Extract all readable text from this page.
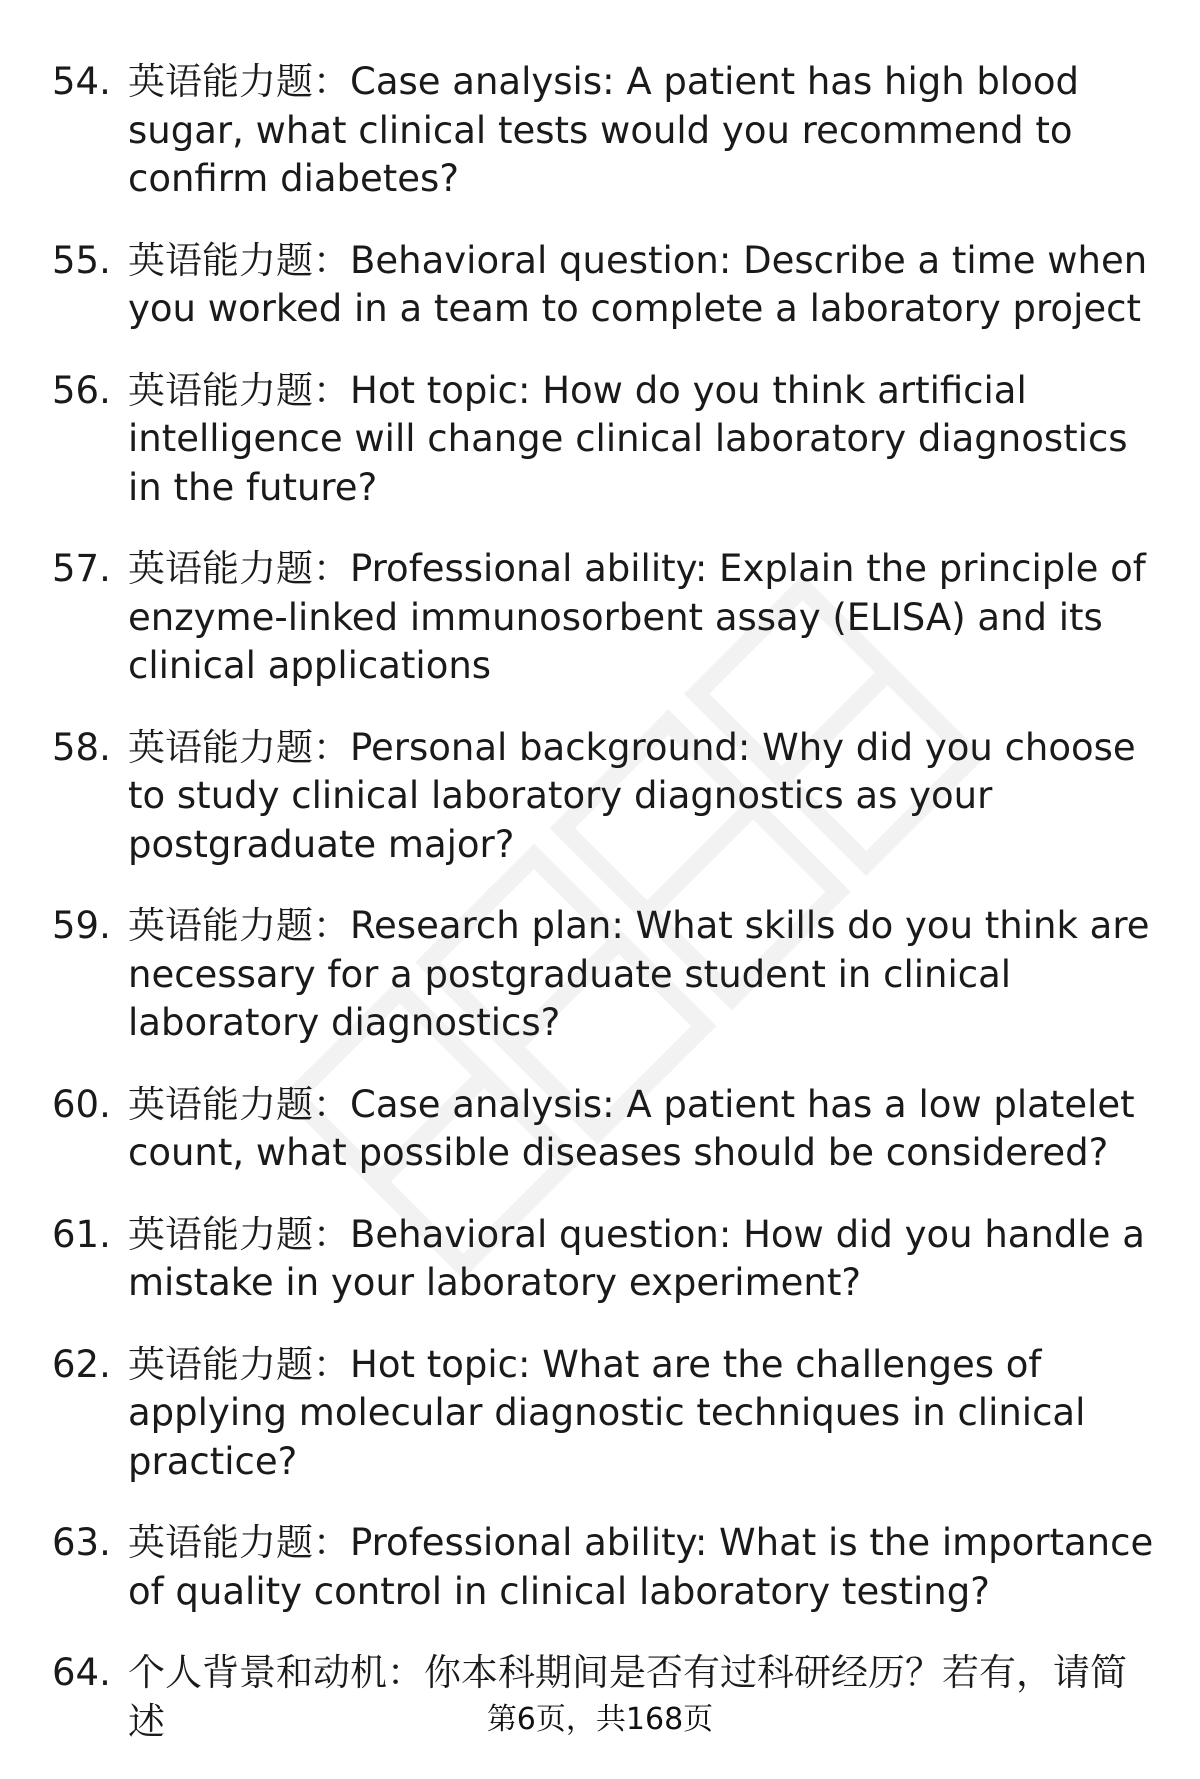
54. 英语能力题：Case analysis: A patient has high blood sugar, what clinical tests would you recommend to confirm diabetes?
55. 英语能力题：Behavioral question: Describe a time when you worked in a team to complete a laboratory project
56. 英语能力题：Hot topic: How do you think artificial intelligence will change clinical laboratory diagnostics in the future?
57. 英语能力题：Professional ability: Explain the principle of enzyme-linked immunosorbent assay (ELISA) and its clinical applications
58. 英语能力题：Personal background: Why did you choose to study clinical laboratory diagnostics as your postgraduate major?
59. 英语能力题：Research plan: What skills do you think are necessary for a postgraduate student in clinical laboratory diagnostics?
60. 英语能力题：Case analysis: A patient has a low platelet count, what possible diseases should be considered?
61. 英语能力题：Behavioral question: How did you handle a mistake in your laboratory experiment?
62. 英语能力题：Hot topic: What are the challenges of applying molecular diagnostic techniques in clinical practice?
63. 英语能力题：Professional ability: What is the importance of quality control in clinical laboratory testing?
64. 个人背景和动机：你本科期间是否有过科研经历？若有，请简述	第6页，共168页
